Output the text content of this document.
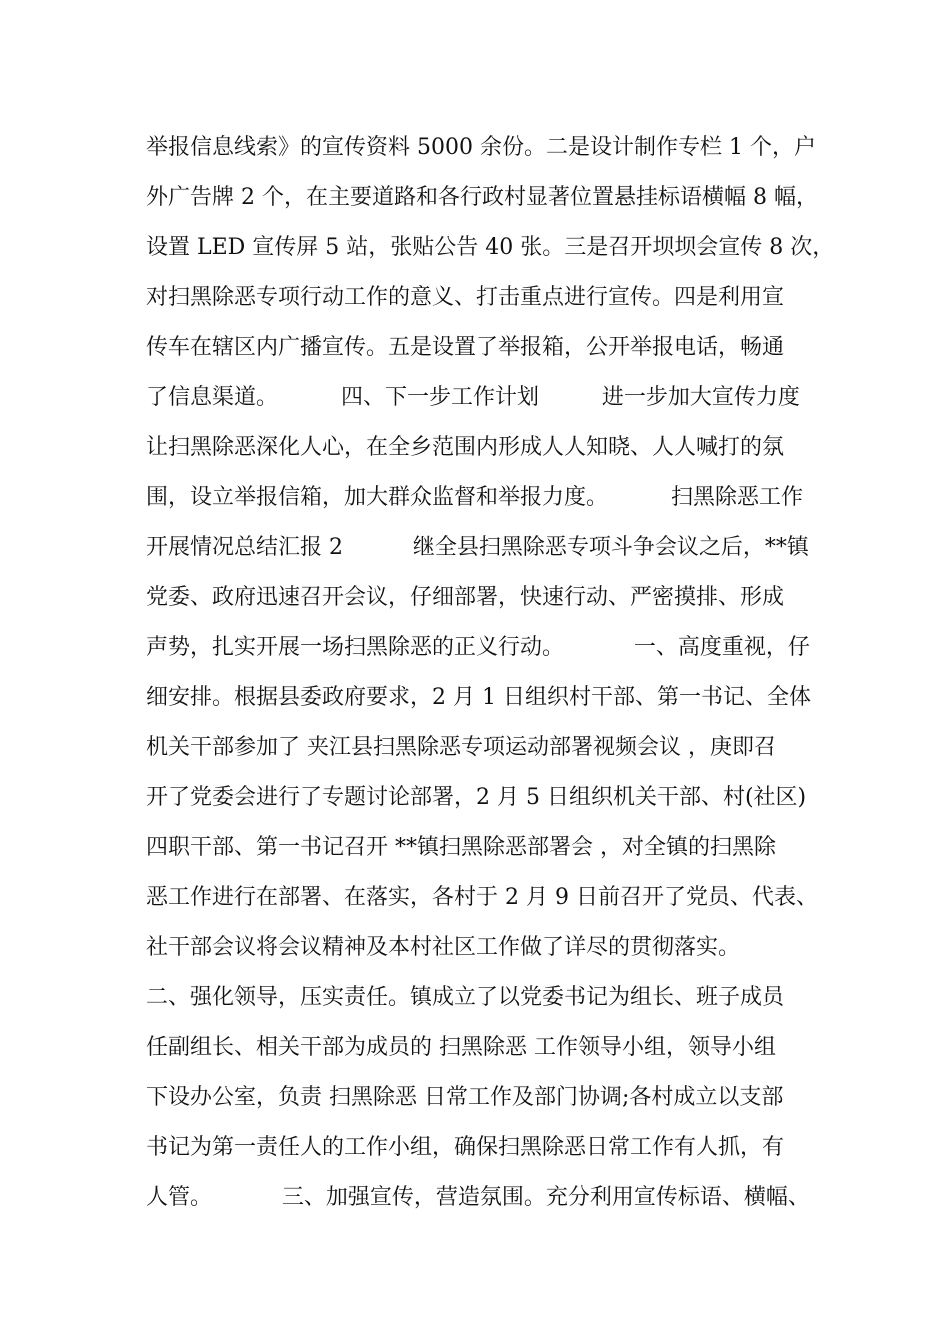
举报信息线索》的宣传资料 5000 余份。二是设计制作专栏 1 个，户
外广告牌 2 个，在主要道路和各行政村显著位置悬挂标语横幅 8 幅，
设置 LED 宣传屏 5 站，张贴公告 40 张。三是召开坝坝会宣传 8 次，
对扫黑除恶专项行动工作的意义、打击重点进行宣传。四是利用宣
传车在辖区内广播宣传。五是设置了举报箱，公开举报电话，畅通
了信息渠道。         四、下一步工作计划         进一步加大宣传力度
让扫黑除恶深化人心，在全乡范围内形成人人知晓、人人喊打的氛
围，设立举报信箱，加大群众监督和举报力度。         扫黑除恶工作
开展情况总结汇报 2          继全县扫黑除恶专项斗争会议之后，**镇
党委、政府迅速召开会议，仔细部署，快速行动、严密摸排、形成
声势，扎实开展一场扫黑除恶的正义行动。          一、高度重视，仔
细安排。根据县委政府要求，2 月 1 日组织村干部、第一书记、全体
机关干部参加了 夹江县扫黑除恶专项运动部署视频会议 ，庚即召
开了党委会进行了专题讨论部署，2 月 5 日组织机关干部、村(社区)
四职干部、第一书记召开 **镇扫黑除恶部署会 ，对全镇的扫黑除
恶工作进行在部署、在落实，各村于 2 月 9 日前召开了党员、代表、
社干部会议将会议精神及本村社区工作做了详尽的贯彻落实。
二、强化领导，压实责任。镇成立了以党委书记为组长、班子成员
任副组长、相关干部为成员的 扫黑除恶 工作领导小组，领导小组
下设办公室，负责 扫黑除恶 日常工作及部门协调;各村成立以支部
书记为第一责任人的工作小组，确保扫黑除恶日常工作有人抓，有
人管。          三、加强宣传，营造氛围。充分利用宣传标语、横幅、
